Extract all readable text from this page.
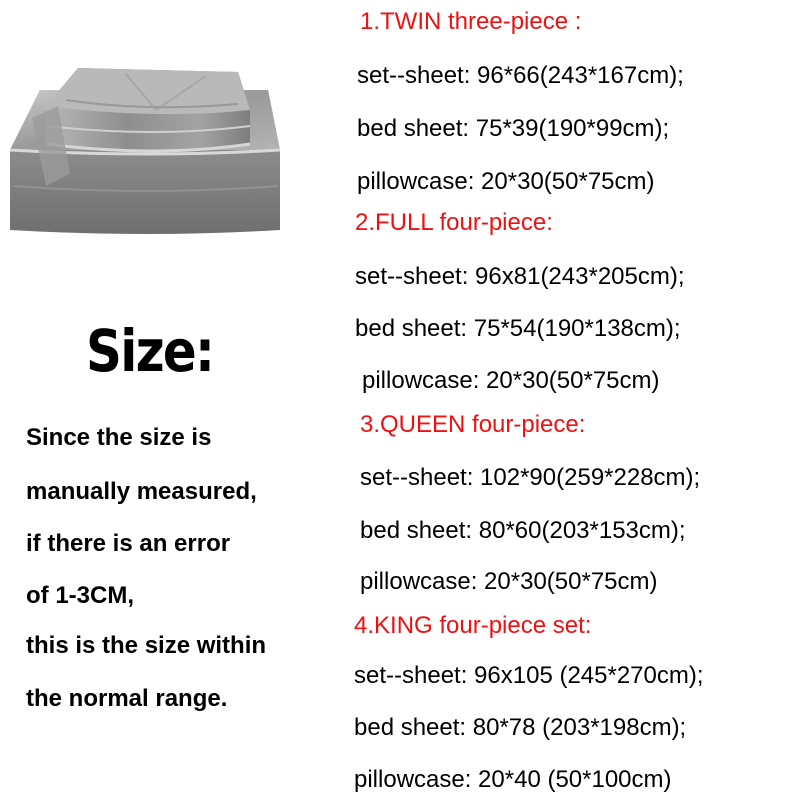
Size:
Since the size is
manually measured,
if there is an error
of 1-3CM,
this is the size within
the normal range.
1.TWIN three-piece :
set--sheet: 96*66(243*167cm);
bed sheet: 75*39(190*99cm);
pillowcase: 20*30(50*75cm)
2.FULL four-piece:
set--sheet: 96x81(243*205cm);
bed sheet: 75*54(190*138cm);
pillowcase: 20*30(50*75cm)
3.QUEEN four-piece:
set--sheet: 102*90(259*228cm);
bed sheet: 80*60(203*153cm);
pillowcase: 20*30(50*75cm)
4.KING four-piece set:
set--sheet: 96x105 (245*270cm);
bed sheet: 80*78 (203*198cm);
pillowcase: 20*40 (50*100cm)
